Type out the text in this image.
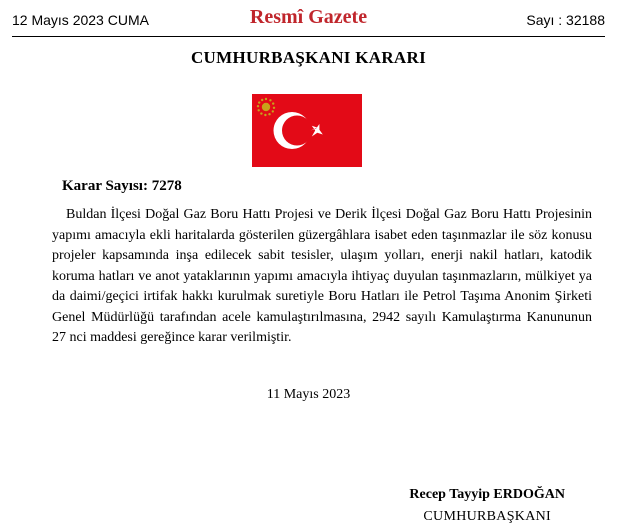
12 Mayıs 2023 CUMA	Resmî Gazete	Sayı : 32188
CUMHURBAŞKANI KARARI
Karar Sayısı: 7278

Buldan İlçesi Doğal Gaz Boru Hattı Projesi ve Derik İlçesi Doğal Gaz Boru Hattı Projesinin yapımı amacıyla ekli haritalarda gösterilen güzergâhlara isabet eden taşınmazlar ile söz konusu projeler kapsamında inşa edilecek sabit tesisler, ulaşım yolları, enerji nakil hatları, katodik koruma hatları ve anot yataklarının yapımı amacıyla ihtiyaç duyulan taşınmazların, mülkiyet ya da daimi/geçici irtifak hakkı kurulmak suretiyle Boru Hatları ile Petrol Taşıma Anonim Şirketi Genel Müdürlüğü tarafından acele kamulaştırılmasına, 2942 sayılı Kamulaştırma Kanununun 27 nci maddesi gereğince karar verilmiştir.

11 Mayıs 2023
Recep Tayyip ERDOĞAN
CUMHURBAŞKANI
